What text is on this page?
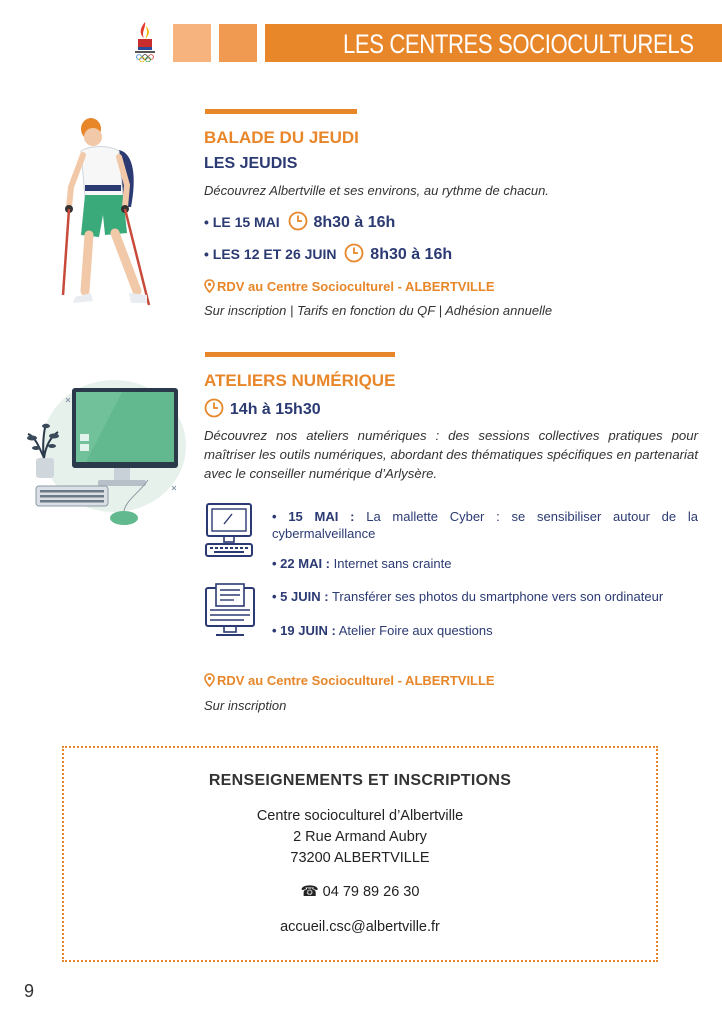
LES CENTRES SOCIOCULTURELS
BALADE DU JEUDI
LES JEUDIS
Découvrez Albertville et ses environs, au rythme de chacun.
• LE 15 MAI 8h30 à 16h
• LES 12 ET 26 JUIN 8h30 à 16h
RDV au Centre Socioculturel - ALBERTVILLE
Sur inscription | Tarifs en fonction du QF | Adhésion annuelle
ATELIERS NUMÉRIQUE
14h à 15h30
Découvrez nos ateliers numériques : des sessions collectives pratiques pour maîtriser les outils numériques, abordant des thématiques spécifiques en partenariat avec le conseiller numérique d’Arlysère.
• 15 MAI : La mallette Cyber : se sensibiliser autour de la cybermalveillance
• 22 MAI : Internet sans crainte
• 5 JUIN : Transférer ses photos du smartphone vers son ordinateur
• 19 JUIN : Atelier Foire aux questions
RDV au Centre Socioculturel - ALBERTVILLE
Sur inscription
RENSEIGNEMENTS ET INSCRIPTIONS
Centre socioculturel d’Albertville
2 Rue Armand Aubry
73200 ALBERTVILLE
☎ 04 79 89 26 30
accueil.csc@albertville.fr
9
